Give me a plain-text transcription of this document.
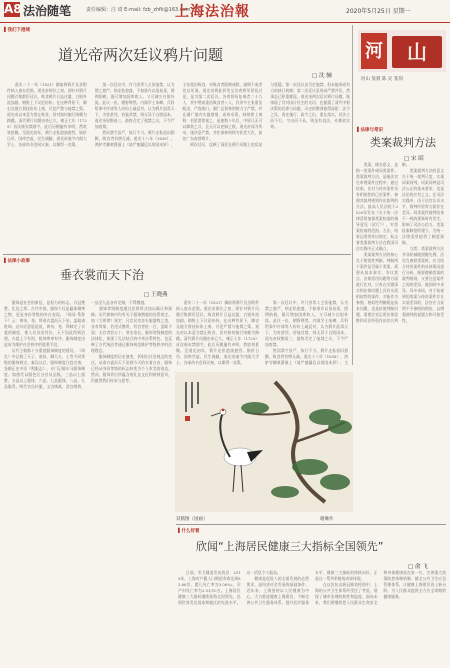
A8 法治随笔	责任编辑：汪 琦 E-mail: fzb_zhfk@163.com
上海法治報	2020年5月25日 星期一
▌我们下港域
道光帝两次廷议鸦片问题
□ 沈 骊
　　嘉庆二十一年（1821）御前将鸦片及各附件纳入查办范围。道光帝即位之初，即针对鸦片问题召集群臣廷议，吸食鸦片日益泛滥，白银外流加剧，朝野上下议论纷纷。在这种背景下，御史及地方督抚纷纷上奏，讨论严禁与弛禁之策。道光帝以本意为禁止吸食，但对如何施行则颇为踌躇。清代鸦片问题由来已久，雍正七年（1729）首次颁布禁烟令，此后历朝屡有申明，然收效甚微。至道光初年，鸦片走私愈演愈烈，银价日昂，国库空虚，民生凋敝。道光帝遂令内阁大学士、各部尚书会同议奏，以期得一良策。
　　第一次廷议中，许乃济等人主张弛禁，认为禁之愈严，则走私愈盛，不如准许以货易货，照例纳税，既可增加国库收入，又可减少白银外流。此议一出，朝野哗然。内阁学士朱嶟、兵科给事中许球等人纷纷上疏反对，认为鸦片流毒天下，为害甚烈，若弛其禁，则无异于自戕国本。道光帝权衡再三，最终否定了弛禁之议，下令严加查禁。
　　然而禁令虽严，执行不力。鸦片走私依旧猖獗，吸食者有增无减。道光十八年（1838），鸿胪寺卿黄爵滋上《请严塞漏卮以培国本折》，主张重治吸食，对吸食者限期戒除，逾期不戒者处以死刑。道光帝将此折发交各省将军督抚讨论，是为第二次廷议。各省督抚复奏者二十九人，其中赞成重治吸食者八人，其余多主张重治贩卖、严查海口。湖广总督林则徐力主严禁，并在湖广境内实施禁烟，成效卓著。林则徐上奏称：若犹泄泄视之，是使数十年后，中原几无可以御敌之兵，且无可以充饷之银。道光帝深为所动，遂决意严禁，并任命林则徐为钦差大臣，前往广东查禁鸦片。
　　两次廷议，反映了清廷在鸦片问题上的反复与犹疑。第一次廷议虽否定弛禁，但未能形成有力的执行机制；第二次廷议虽形成严禁共识，然事态已积重难返。道光帝两次廷议鸦片问题，既体现了其对国计民生的关切，也暴露了清代中枢决策的迟滞与局限。历史的教训值得深思：法令之设，贵在施行；政令之出，重在落实。若法立而不行，令出而不从，则虽有良法，亦难收实效。
河 山
河山 篆刻 陈 炎 篆刻
▌法律与常识
类案裁判方法
□ 宋 昭
　　类案，顾名思义，是指一类案件或同类案件。类案裁判方法，是指法官在审理案件过程中，通过检索、比对与待决案件具有相似性的已决案件，参照其裁判规则作出裁判的方法。最高人民法院于2020年发布《关于统一法律适用加强类案检索的指导意见（试行）》，对类案检索的范围、方法、结果运用等作出规定，标志着类案裁判方法在我国司法实践中正式确立。
　　类案裁判方法的核心在于相似性判断。判断两个案件是否属于类案，需要从基本事实、争议焦点、法律适用问题等方面进行比对。只有在关键事实和法律问题上具有实质相似性的案件，才能作为参照。相似性判断既是技术问题，也是价值判断问题，需要法官运用法律思维和司法经验作出综合判断。
　　类案裁判方法的意义在于统一裁判尺度，实现同案同判。同案同判是司法公正的基本要求，也是法治的应有之义。在司法实践中，由于法官认识水平、裁判经验等方面存在差异，同类案件裁判结果不一致的现象时有发生，影响了司法公信力。类案检索制度的建立，为统一法律适用提供了制度保障。
　　当然，类案裁判方法并非机械地照搬先例。法官在参照类案时，应当结合待决案件的具体情况进行分析，既要遵循类案的裁判规则，又要注意案件之间的差异，做到同中求异、异中求同。对于检索到的类案与待决案件存在实质差异的，法官应当说明不予参照的理由，以增强裁判的说服力和可接受性。
▌法律小故事
垂衣裳而天下治
□ 王晓燕
　　服饰是社会的象征，是权力的标志。衣冠楚楚，礼仪之邦。古代中国，服饰不仅是蔽体御寒之物，更是身份等级的外在表现。《周易·系辞下》云：黄帝、尧、舜垂衣裳而天下治，盖取诸乾坤。这句话意思是说，黄帝、尧、舜制定了衣裳的制度，使人们各安其位，天下因此得到治理。衣裳上下有别，乾坤尊卑有序，服饰制度由此成为维护社会秩序的重要手段。
　　历代王朝都十分重视服饰制度的建设。《周礼》中记载了天子、诸侯、卿大夫、士等不同等级的服饰规定。秦汉以后，服饰制度日趋完善，各朝正史多设《舆服志》，专门记载车马服饰制度。如唐代以服色区分官员品级，三品以上服紫，五品以上服绯，六品、七品服绿，八品、九品服青。明代官员补服，文官绣禽，武官绣兽，一品至九品各有定制，不得僭越。
　　服饰等级制度通过法律形式加以确认和保障。历代律典中均有关于服饰僭越的处罚规定。如《大明律》规定：凡官民房舍车服器物之类，各有等第，若违式僭用，有官者杖一百，罢职不叙；无官者笞五十，罪坐家长。服饰等级制度的法律化，体现了礼法结合的中华法系特色，也反映了古代统治者通过服饰规范维护等级秩序的治理理念。
　　服饰制度的历史演变，折射出社会观念的变迁。从垂衣裳而天下治到今天的衣着自由，服饰已经从身份等级的标志转变为个人审美的表达。然而，服饰背后所蕴含的礼仪文化和规则意识，仍值得我们传承与思考。
　　嘉庆二十一年（1821）御前将鸦片及各附件纳入查办范围。道光帝即位之初，即针对鸦片问题召集群臣廷议，吸食鸦片日益泛滥，白银外流加剧，朝野上下议论纷纷。在这种背景下，御史及地方督抚纷纷上奏，讨论严禁与弛禁之策。道光帝以本意为禁止吸食，但对如何施行则颇为踌躇。清代鸦片问题由来已久，雍正七年（1729）首次颁布禁烟令，此后历朝屡有申明，然收效甚微。至道光初年，鸦片走私愈演愈烈，银价日昂，国库空虚，民生凋敝。道光帝遂令内阁大学士、各部尚书会同议奏，以期得一良策。
　　第一次廷议中，许乃济等人主张弛禁，认为禁之愈严，则走私愈盛，不如准许以货易货，照例纳税，既可增加国库收入，又可减少白银外流。此议一出，朝野哗然。内阁学士朱嶟、兵科给事中许球等人纷纷上疏反对，认为鸦片流毒天下，为害甚烈，若弛其禁，则无异于自戕国本。道光帝权衡再三，最终否定了弛禁之议，下令严加查禁。
　　然而禁令虽严，执行不力。鸦片走私依旧猖獗，吸食者有增无减。道光十八年（1838），鸿胪寺卿黄爵滋上《请严塞漏卮以培国本折》，主

双鹤图（国画）	谢琳作
▌什么好看
欣闻“上海居民健康三大指标全国领先”
□ 俞 飞
　　日前，市卫健委发布消息：2019年，上海市户籍人口期望寿命达到83.66岁，婴儿死亡率为3.06‰，孕产妇死亡率为3.51/10万。上海居民健康三大指标继续保持全国领先，达到世界发达国家和地区的先进水平。这一消息令人振奋。
　　健康是促进人的全面发展的必然要求，是经济社会发展的基础条件。近年来，上海坚持以人民健康为中心，大力推进健康上海建设，不断完善公共卫生服务体系，提升医疗服务水平，健康三大指标的持续向好，正是这一系列举措的成果体现。
　　在这次抗击新冠肺炎疫情中，上海的公共卫生体系经受住了考验，展现了城市治理的韧性和温度。面向未来，我们要继续把人民群众生命安全和身体健康放在第一位，完善重大疫情防控体制机制，健全公共卫生应急管理体系，让健康上海建设再上新台阶，为人民群众提供全方位全周期的健康服务。
